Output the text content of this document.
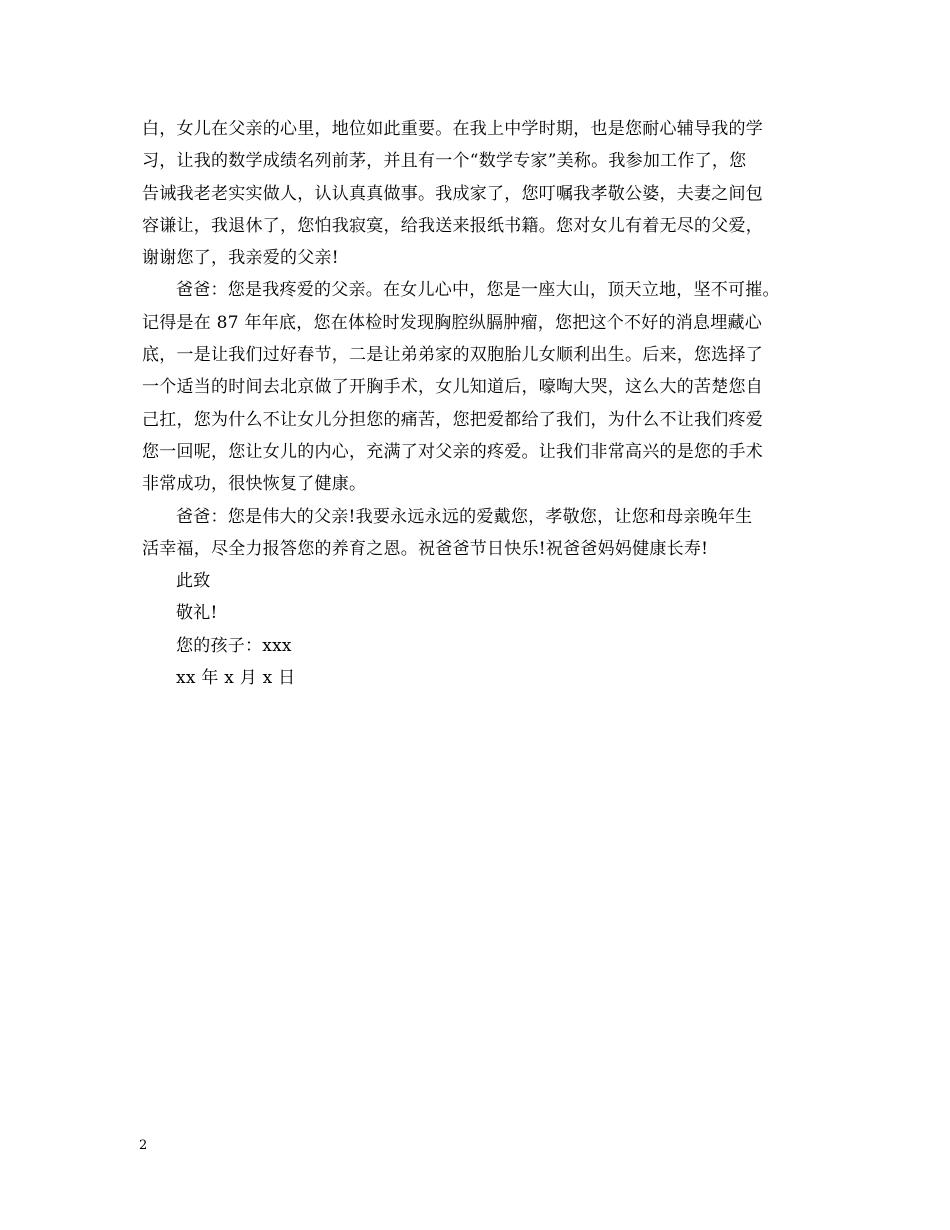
白，女儿在父亲的心里，地位如此重要。在我上中学时期，也是您耐心辅导我的学
习，让我的数学成绩名列前茅，并且有一个“数学专家”美称。我参加工作了，您
告诫我老老实实做人，认认真真做事。我成家了，您叮嘱我孝敬公婆，夫妻之间包
容谦让，我退休了，您怕我寂寞，给我送来报纸书籍。您对女儿有着无尽的父爱，
谢谢您了，我亲爱的父亲!
爸爸：您是我疼爱的父亲。在女儿心中，您是一座大山，顶天立地，坚不可摧。
记得是在 87 年年底，您在体检时发现胸腔纵膈肿瘤，您把这个不好的消息埋藏心
底，一是让我们过好春节，二是让弟弟家的双胞胎儿女顺利出生。后来，您选择了
一个适当的时间去北京做了开胸手术，女儿知道后，嚎啕大哭，这么大的苦楚您自
己扛，您为什么不让女儿分担您的痛苦，您把爱都给了我们，为什么不让我们疼爱
您一回呢，您让女儿的内心，充满了对父亲的疼爱。让我们非常高兴的是您的手术
非常成功，很快恢复了健康。
爸爸：您是伟大的父亲!我要永远永远的爱戴您，孝敬您，让您和母亲晚年生
活幸福，尽全力报答您的养育之恩。祝爸爸节日快乐!祝爸爸妈妈健康长寿!
此致
敬礼!
您的孩子：xxx
xx 年 x 月 x 日
2
